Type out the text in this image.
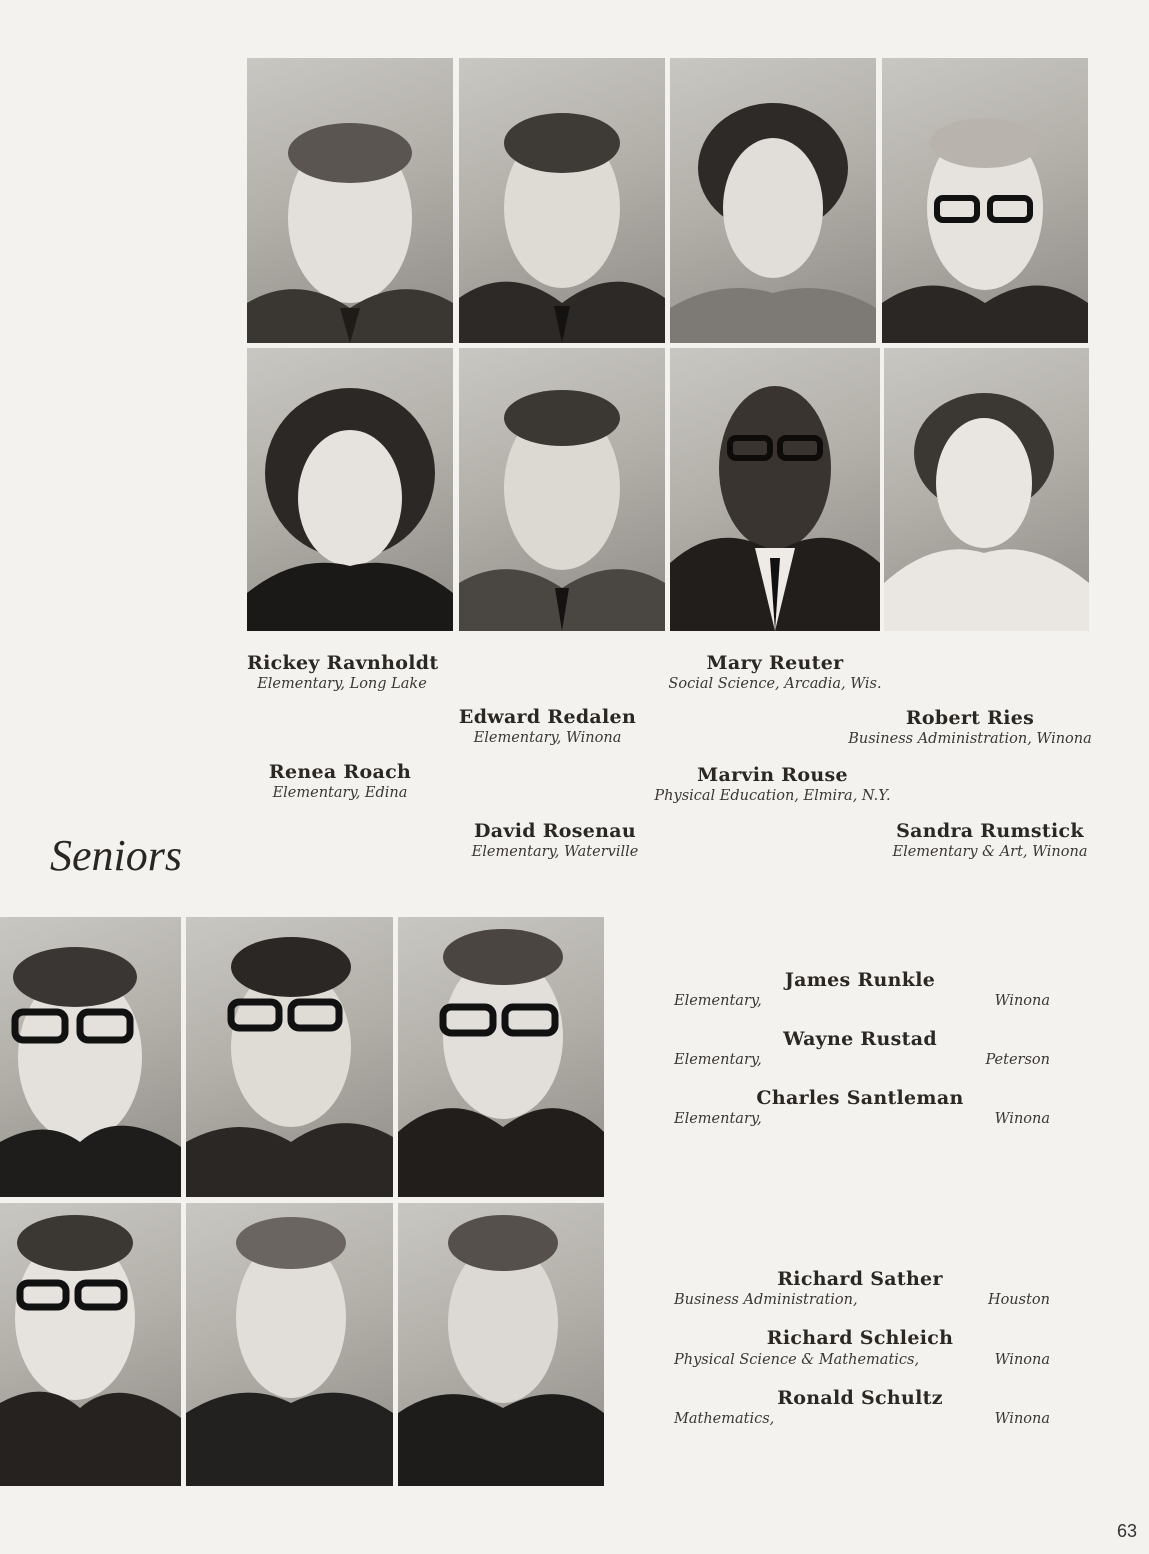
Rickey Ravnholdt
Elementary, Long Lake
Edward Redalen
Elementary, Winona
Mary Reuter
Social Science, Arcadia, Wis.
Robert Ries
Business Administration, Winona
Renea Roach
Elementary, Edina
David Rosenau
Elementary, Waterville
Marvin Rouse
Physical Education, Elmira, N.Y.
Sandra Rumstick
Elementary & Art, Winona
Seniors
James Runkle
Elementary,	Winona
Wayne Rustad
Elementary,	Peterson
Charles Santleman
Elementary,	Winona
Richard Sather
Business Administration,	Houston
Richard Schleich
Physical Science & Mathematics,	Winona
Ronald Schultz
Mathematics,	Winona
63
